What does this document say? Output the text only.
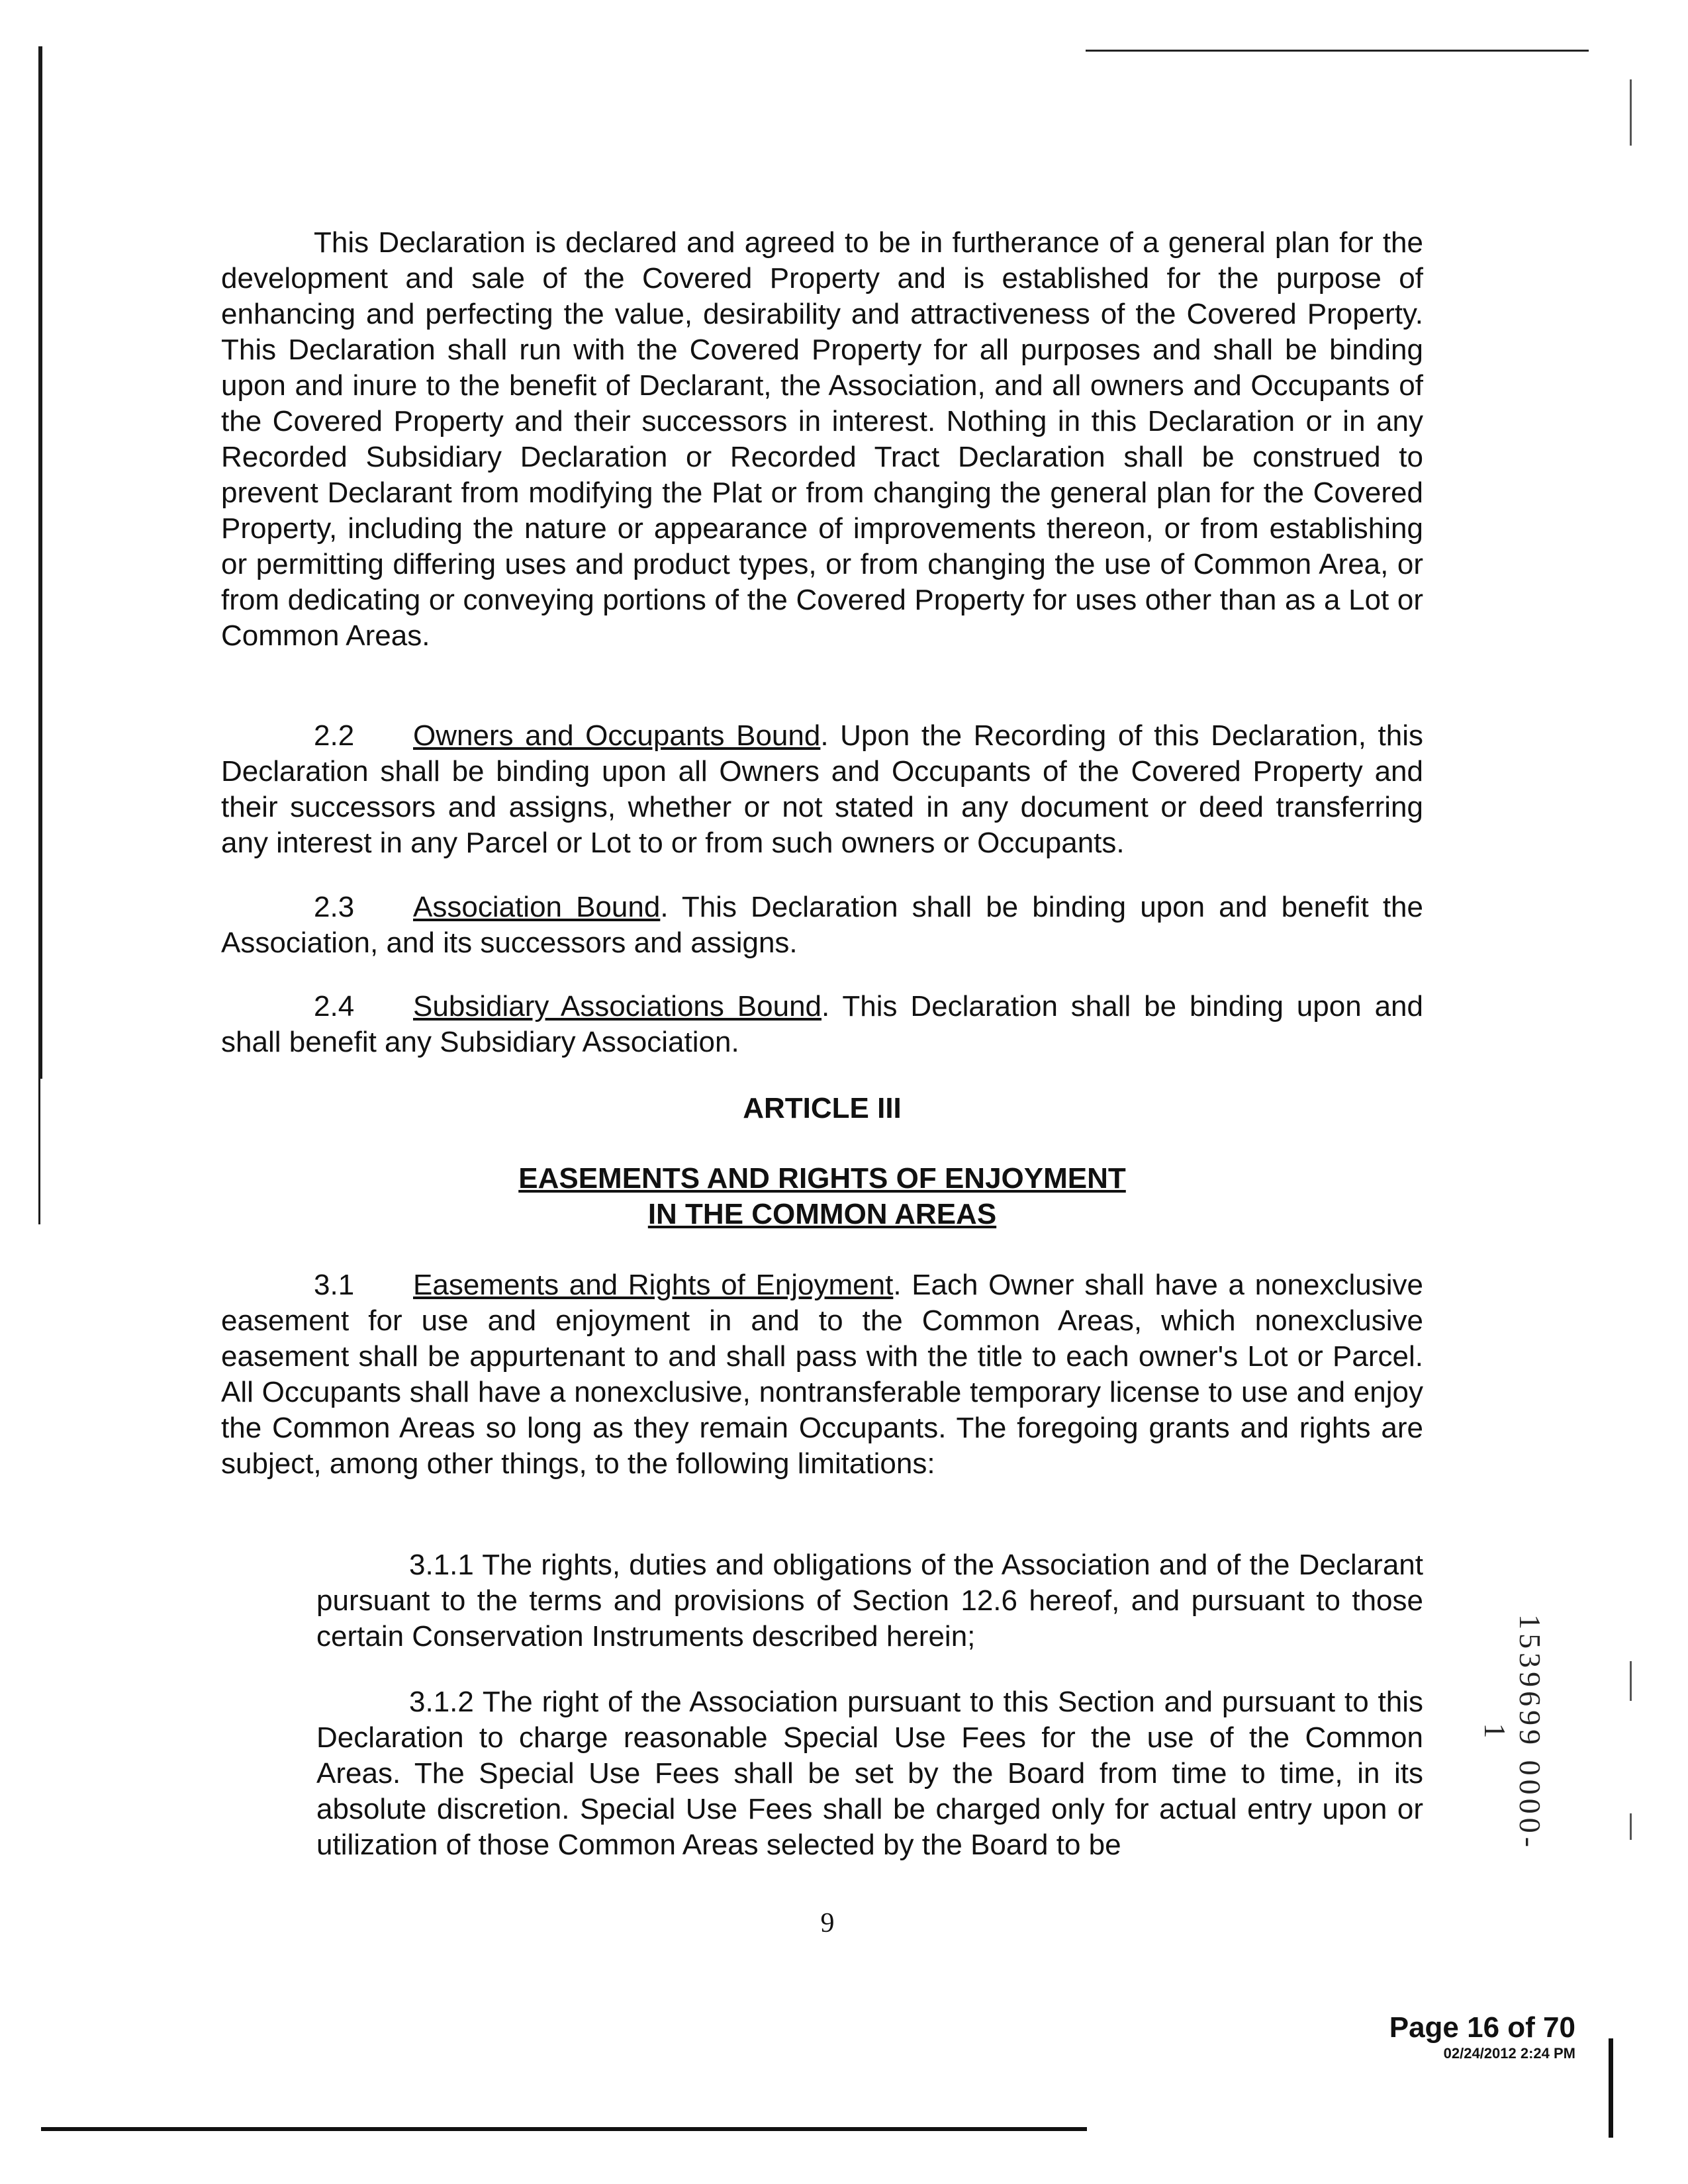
This Declaration is declared and agreed to be in furtherance of a general plan for the development and sale of the Covered Property and is established for the purpose of enhancing and perfecting the value, desirability and attractiveness of the Covered Property. This Declaration shall run with the Covered Property for all purposes and shall be binding upon and inure to the benefit of Declarant, the Association, and all owners and Occupants of the Covered Property and their successors in interest. Nothing in this Declaration or in any Recorded Subsidiary Declaration or Recorded Tract Declaration shall be construed to prevent Declarant from modifying the Plat or from changing the general plan for the Covered Property, including the nature or appearance of improvements thereon, or from establishing or permitting differing uses and product types, or from changing the use of Common Area, or from dedicating or conveying portions of the Covered Property for uses other than as a Lot or Common Areas.

2.2 Owners and Occupants Bound. Upon the Recording of this Declaration, this Declaration shall be binding upon all Owners and Occupants of the Covered Property and their successors and assigns, whether or not stated in any document or deed transferring any interest in any Parcel or Lot to or from such owners or Occupants.

2.3 Association Bound. This Declaration shall be binding upon and benefit the Association, and its successors and assigns.

2.4 Subsidiary Associations Bound. This Declaration shall be binding upon and shall benefit any Subsidiary Association.

ARTICLE III

EASEMENTS AND RIGHTS OF ENJOYMENT

IN THE COMMON AREAS

3.1 Easements and Rights of Enjoyment. Each Owner shall have a nonexclusive easement for use and enjoyment in and to the Common Areas, which nonexclusive easement shall be appurtenant to and shall pass with the title to each owner's Lot or Parcel. All Occupants shall have a nonexclusive, nontransferable temporary license to use and enjoy the Common Areas so long as they remain Occupants. The foregoing grants and rights are subject, among other things, to the following limitations:

3.1.1 The rights, duties and obligations of the Association and of the Declarant pursuant to the terms and provisions of Section 12.6 hereof, and pursuant to those certain Conservation Instruments described herein;

3.1.2 The right of the Association pursuant to this Section and pursuant to this Declaration to charge reasonable Special Use Fees for the use of the Common Areas. The Special Use Fees shall be set by the Board from time to time, in its absolute discretion. Special Use Fees shall be charged only for actual entry upon or utilization of those Common Areas selected by the Board to be

9
1539699 0000-1
Page 16 of 70
02/24/2012 2:24 PM
